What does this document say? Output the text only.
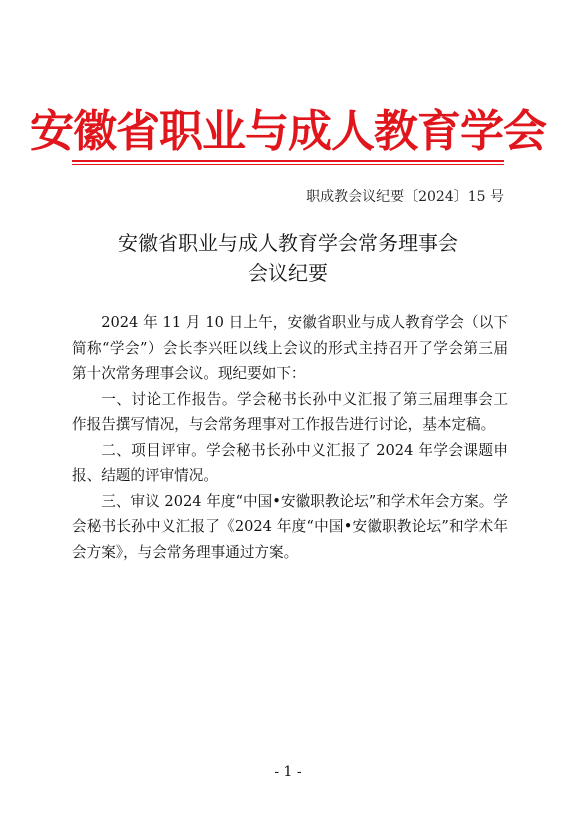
安徽省职业与成人教育学会
职成教会议纪要〔2024〕15 号
安徽省职业与成人教育学会常务理事会
会议纪要

2024 年 11 月 10 日上午，安徽省职业与成人教育学会（以下简称“学会”）会长李兴旺以线上会议的形式主持召开了学会第三届第十次常务理事会议。现纪要如下：

一、讨论工作报告。学会秘书长孙中义汇报了第三届理事会工作报告撰写情况，与会常务理事对工作报告进行讨论，基本定稿。

二、项目评审。学会秘书长孙中义汇报了 2024 年学会课题申报、结题的评审情况。

三、审议 2024 年度“中国•安徽职教论坛”和学术年会方案。学会秘书长孙中义汇报了《2024 年度“中国•安徽职教论坛”和学术年会方案》，与会常务理事通过方案。

- 1 -
